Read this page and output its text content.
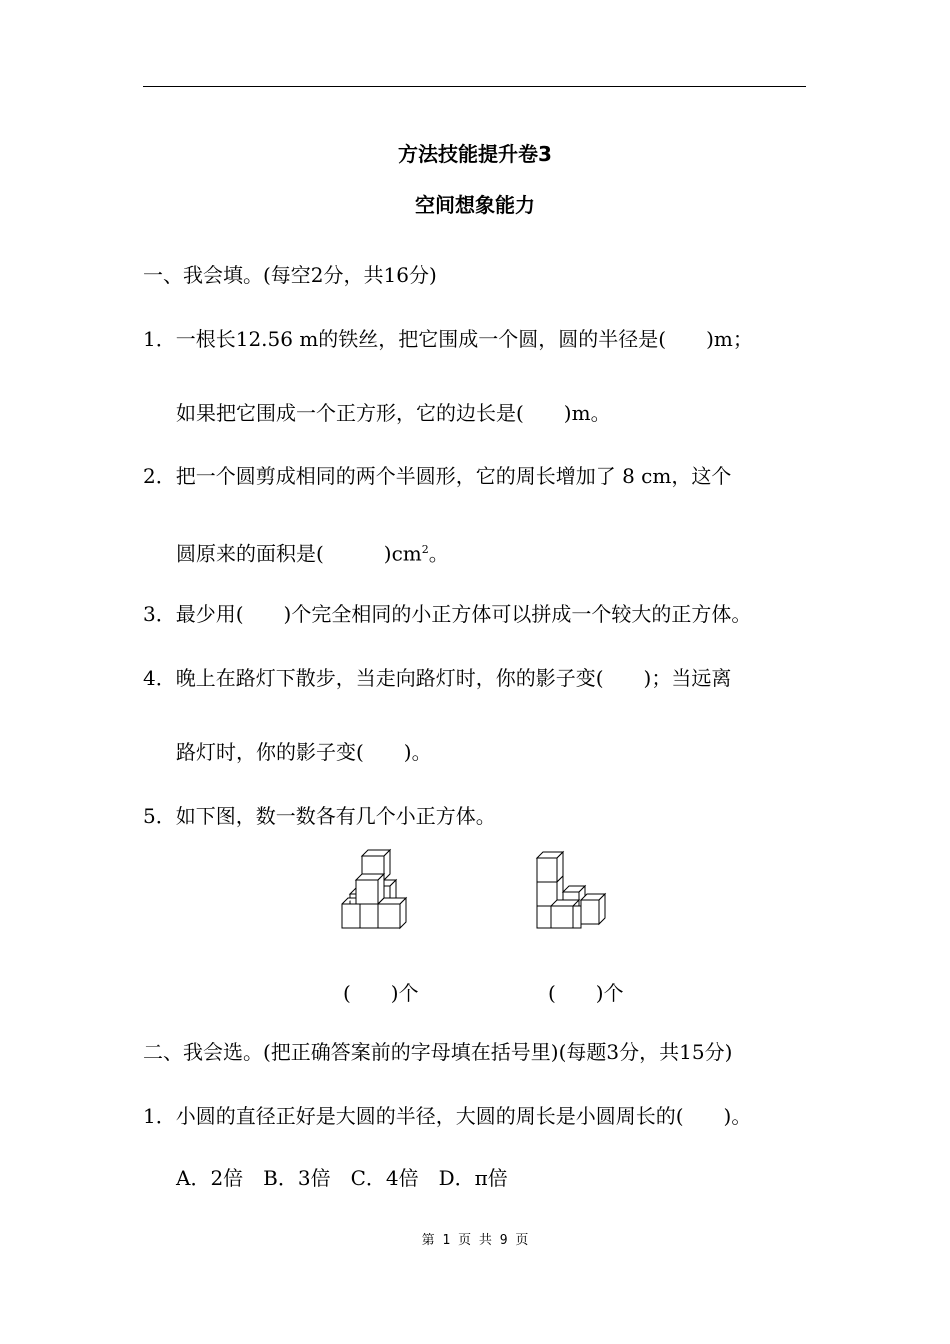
方法技能提升卷3
空间想象能力
一、我会填。(每空2分，共16分)
1．一根长12.56 m的铁丝，把它围成一个圆，圆的半径是(　　)m；
如果把它围成一个正方形，它的边长是(　　)m。
2．把一个圆剪成相同的两个半圆形，它的周长增加了 8 cm，这个
圆原来的面积是(　　　)$cm^2$。
3．最少用(　　)个完全相同的小正方体可以拼成一个较大的正方体。
4．晚上在路灯下散步，当走向路灯时，你的影子变(　　)；当远离
路灯时，你的影子变(　　)。
5．如下图，数一数各有几个小正方体。
(　　)个	(　　)个
二、我会选。(把正确答案前的字母填在括号里)(每题3分，共15分)
1．小圆的直径正好是大圆的半径，大圆的周长是小圆周长的(　　)。
A．2倍　B．3倍　C．4倍　D．π倍
第 1 页 共 9 页
